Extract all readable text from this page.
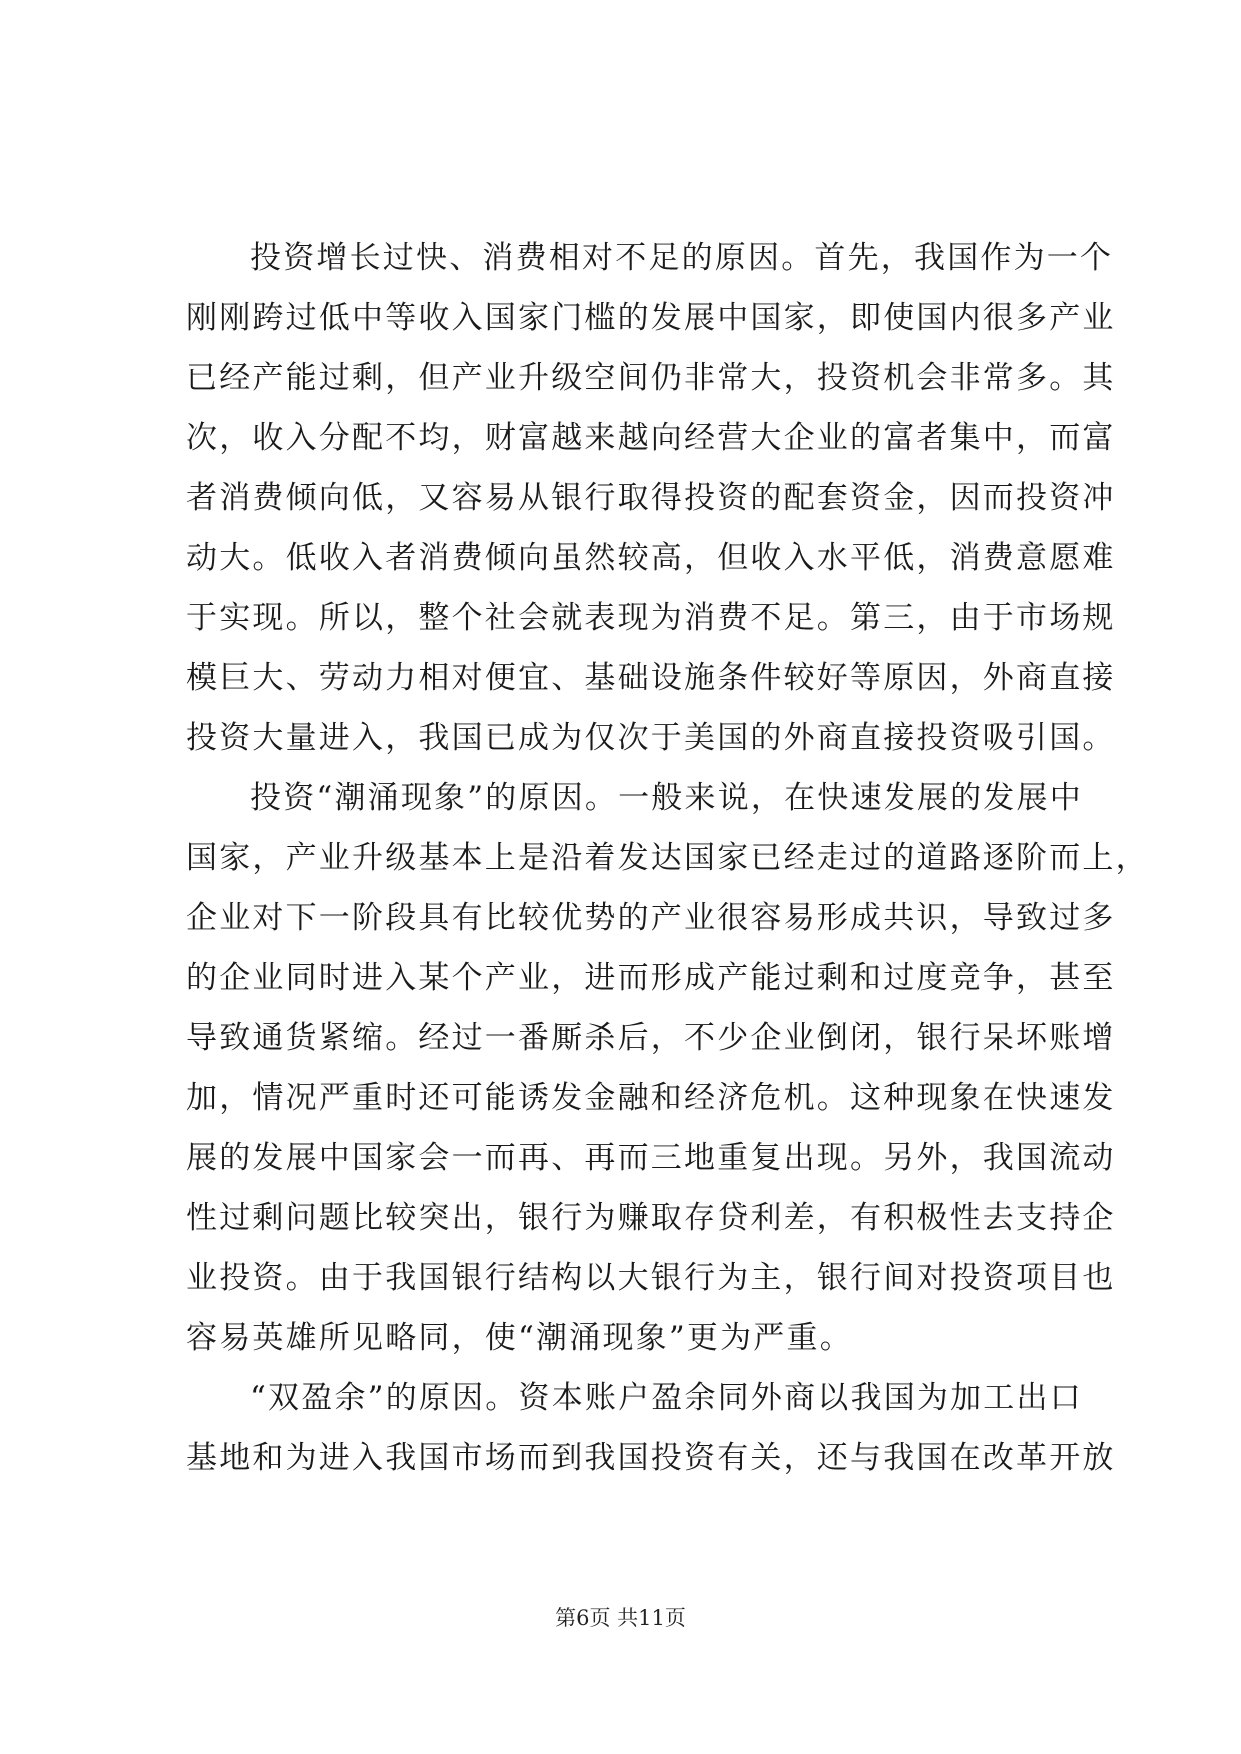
投资增长过快、消费相对不足的原因。首先，我国作为一个
刚刚跨过低中等收入国家门槛的发展中国家，即使国内很多产业
已经产能过剩，但产业升级空间仍非常大，投资机会非常多。其
次，收入分配不均，财富越来越向经营大企业的富者集中，而富
者消费倾向低，又容易从银行取得投资的配套资金，因而投资冲
动大。低收入者消费倾向虽然较高，但收入水平低，消费意愿难
于实现。所以，整个社会就表现为消费不足。第三，由于市场规
模巨大、劳动力相对便宜、基础设施条件较好等原因，外商直接
投资大量进入，我国已成为仅次于美国的外商直接投资吸引国。
投资“潮涌现象”的原因。一般来说，在快速发展的发展中
国家，产业升级基本上是沿着发达国家已经走过的道路逐阶而上，
企业对下一阶段具有比较优势的产业很容易形成共识，导致过多
的企业同时进入某个产业，进而形成产能过剩和过度竞争，甚至
导致通货紧缩。经过一番厮杀后，不少企业倒闭，银行呆坏账增
加，情况严重时还可能诱发金融和经济危机。这种现象在快速发
展的发展中国家会一而再、再而三地重复出现。另外，我国流动
性过剩问题比较突出，银行为赚取存贷利差，有积极性去支持企
业投资。由于我国银行结构以大银行为主，银行间对投资项目也
容易英雄所见略同，使“潮涌现象”更为严重。
“双盈余”的原因。资本账户盈余同外商以我国为加工出口
基地和为进入我国市场而到我国投资有关，还与我国在改革开放
第6页 共11页
